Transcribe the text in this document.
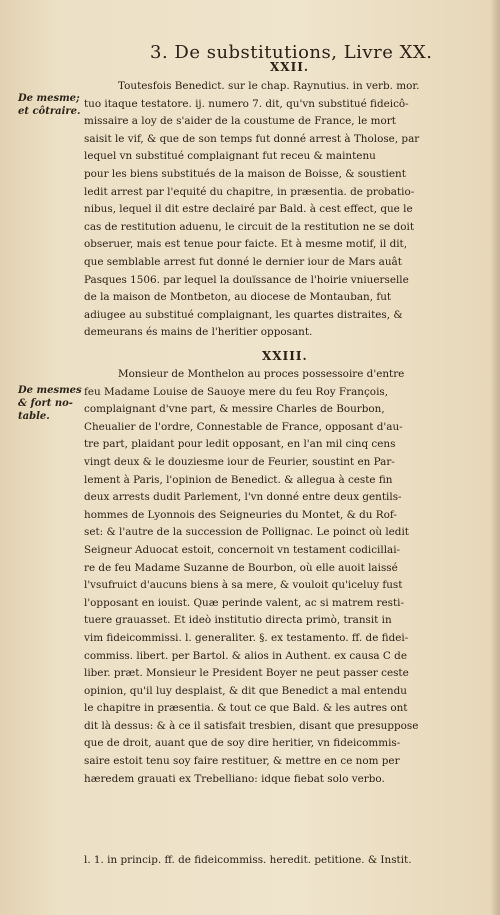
3. De substitutions, Livre XX.
XXII.
De mesme;
et côtraire.
Toutesfois Benedict. sur le chap. Raynutius. in verb. mor.
tuo itaque testatore. ij. numero 7. dit, qu'vn substitué fideicô-
missaire a loy de s'aider de la coustume de France, le mort
saisit le vif, & que de son temps fut donné arrest à Tholose, par
lequel vn substitué complaignant fut receu & maintenu
pour les biens substitués de la maison de Boisse, & soustient
ledit arrest par l'equité du chapitre, in præsentia. de probatio-
nibus, lequel il dit estre declairé par Bald. à cest effect, que le
cas de restitution aduenu, le circuit de la restitution ne se doit
obseruer, mais est tenue pour faicte. Et à mesme motif, il dit,
que semblable arrest fut donné le dernier iour de Mars auât
Pasques 1506. par lequel la douïssance de l'hoirie vniuerselle
de la maison de Montbeton, au diocese de Montauban, fut
adiugee au substitué complaignant, les quartes distraites, &
demeurans és mains de l'heritier opposant.
XXIII.
De mesmes
& fort no-
table.
Monsieur de Monthelon au proces possessoire d'entre
feu Madame Louise de Sauoye mere du feu Roy François,
complaignant d'vne part, & messire Charles de Bourbon,
Cheualier de l'ordre, Connestable de France, opposant d'au-
tre part, plaidant pour ledit opposant, en l'an mil cinq cens
vingt deux & le douziesme iour de Feurier, soustint en Par-
lement à Paris, l'opinion de Benedict. & allegua à ceste fin
deux arrests dudit Parlement, l'vn donné entre deux gentils-
hommes de Lyonnois des Seigneuries du Montet, & du Rof-
set: & l'autre de la succession de Pollignac. Le poinct où ledit
Seigneur Aduocat estoit, concernoit vn testament codicillai-
re de feu Madame Suzanne de Bourbon, où elle auoit laissé
l'vsufruict d'aucuns biens à sa mere, & vouloit qu'iceluy fust
l'opposant en iouist. Quæ perinde valent, ac si matrem resti-
tuere grauasset. Et ideò institutio directa primò, transit in
vim fideicommissi. l. generaliter. §. ex testamento. ff. de fidei-
commiss. libert. per Bartol. & alios in Authent. ex causa C de
liber. præt. Monsieur le President Boyer ne peut passer ceste
opinion, qu'il luy desplaist, & dit que Benedict a mal entendu
le chapitre in præsentia. & tout ce que Bald. & les autres ont
dit là dessus: & à ce il satisfait tresbien, disant que presuppose
que de droit, auant que de soy dire heritier, vn fideicommis-
saire estoit tenu soy faire restituer, & mettre en ce nom per
hæredem grauati ex Trebelliano: idque fiebat solo verbo.
l. 1. in princip. ff. de fideicommiss. heredit. petitione. & Instit.
